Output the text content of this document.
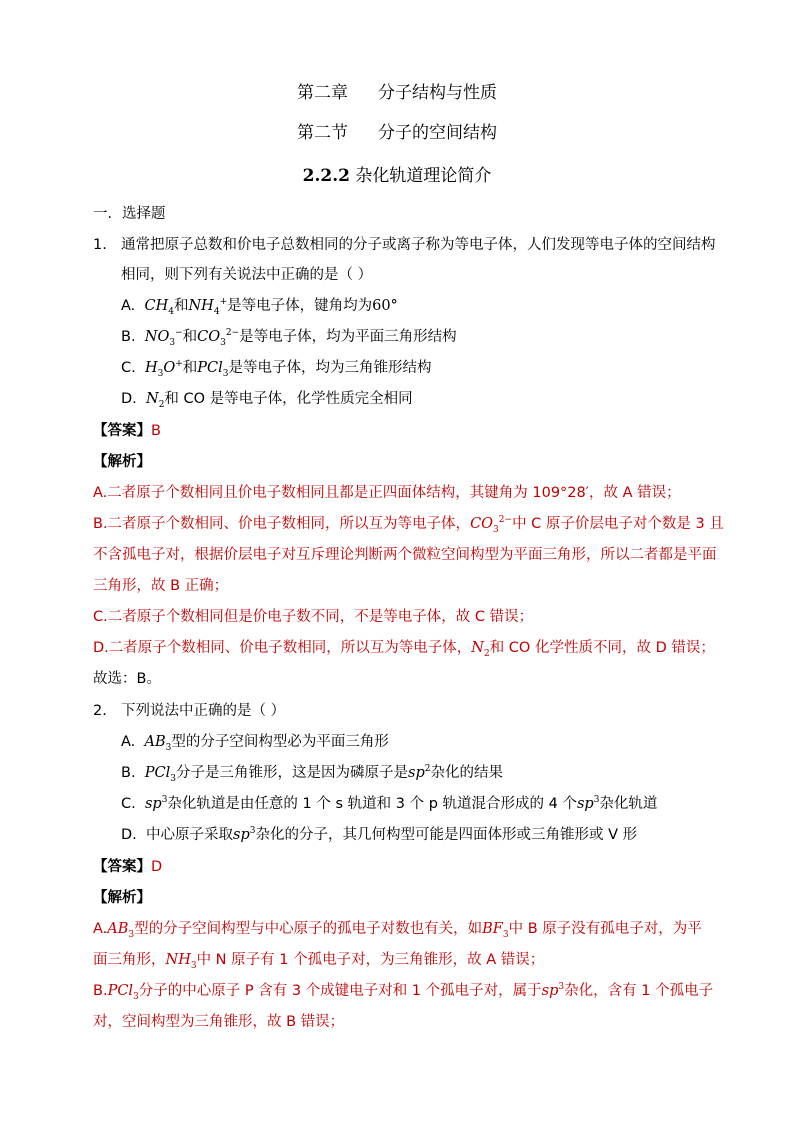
第二章 分子结构与性质
第二节 分子的空间结构
2.2.2 杂化轨道理论简介
一．选择题
1. 通常把原子总数和价电子总数相同的分子或离子称为等电子体，人们发现等电子体的空间结构
相同，则下列有关说法中正确的是（ ）
A. $CH_4$和$NH_4^+$是等电子体，键角均为60°
B. $NO_3^-$和$CO_3^{2-}$是等电子体，均为平面三角形结构
C. $H_3O^+$和PCl$_3$是等电子体，均为三角锥形结构
D. $N_2$和 CO 是等电子体，化学性质完全相同
【答案】B
【解析】
A.二者原子个数相同且价电子数相同且都是正四面体结构，其键角为 109°28′，故 A 错误；
B.二者原子个数相同、价电子数相同，所以互为等电子体，$CO_3^{2-}$中 C 原子价层电子对个数是 3 且
不含孤电子对，根据价层电子对互斥理论判断两个微粒空间构型为平面三角形，所以二者都是平面
三角形，故 B 正确；
C.二者原子个数相同但是价电子数不同，不是等电子体，故 C 错误；
D.二者原子个数相同、价电子数相同，所以互为等电子体，$N_2$和 CO 化学性质不同，故 D 错误；
故选：B。
2. 下列说法中正确的是（ ）
A. $AB_3$型的分子空间构型必为平面三角形
B. PCl$_3$分子是三角锥形，这是因为磷原子是$sp^2$杂化的结果
C. $sp^3$杂化轨道是由任意的 1 个 s 轨道和 3 个 p 轨道混合形成的 4 个$sp^3$杂化轨道
D. 中心原子采取$sp^3$杂化的分子，其几何构型可能是四面体形或三角锥形或 V 形
【答案】D
【解析】
$A.AB_3$型的分子空间构型与中心原子的孤电子对数也有关，如$BF_3$中 B 原子没有孤电子对，为平
面三角形，$NH_3$中 N 原子有 1 个孤电子对，为三角锥形，故 A 错误；
B.PCl$_3$分子的中心原子 P 含有 3 个成键电子对和 1 个孤电子对，属于$sp^3$杂化，含有 1 个孤电子
对，空间构型为三角锥形，故 B 错误；
